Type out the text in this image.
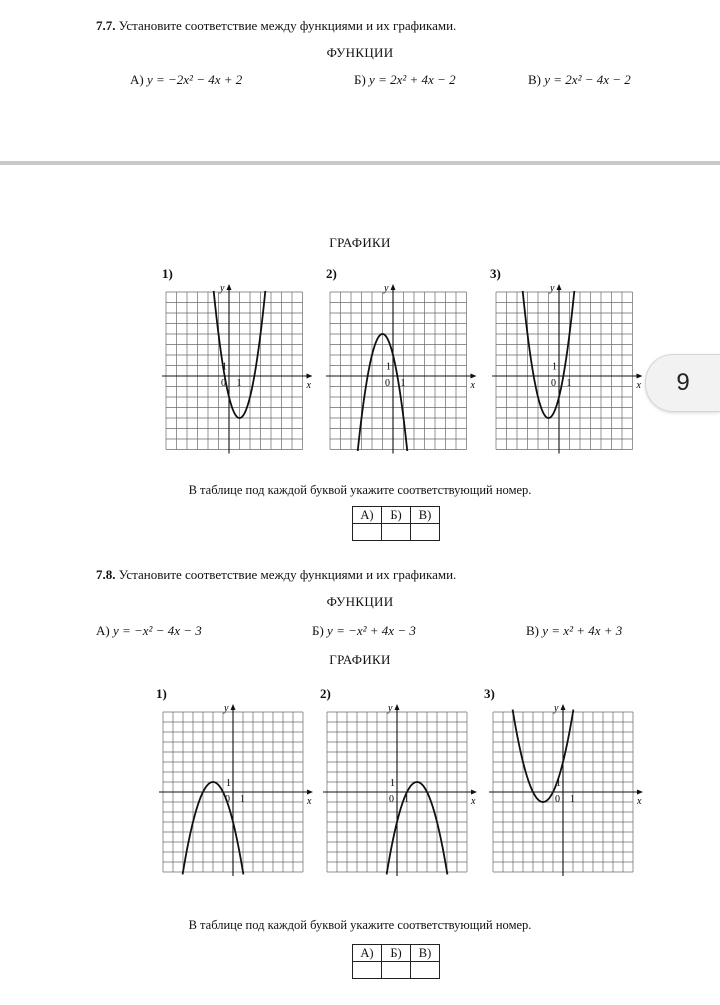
7.7. Установите соответствие между функциями и их графиками.
ФУНКЦИИ
А) y = −2x² − 4x + 2	Б) y = 2x² + 4x − 2	В) y = 2x² − 4x − 2
ГРАФИКИ
1)	2)	3)
x
y
0 1
1
x
y
0 1
1
x
y
0 1
1
9
В таблице под каждой буквой укажите соответствующий номер.
А)	Б)	В)

7.8. Установите соответствие между функциями и их графиками.
ФУНКЦИИ
А) y = −x² − 4x − 3	Б) y = −x² + 4x − 3	В) y = x² + 4x + 3
ГРАФИКИ
1)	2)	3)
x
y
0 1
1
x
y
0 1
1
x
y
0 1
1
В таблице под каждой буквой укажите соответствующий номер.
А)	Б)	В)
